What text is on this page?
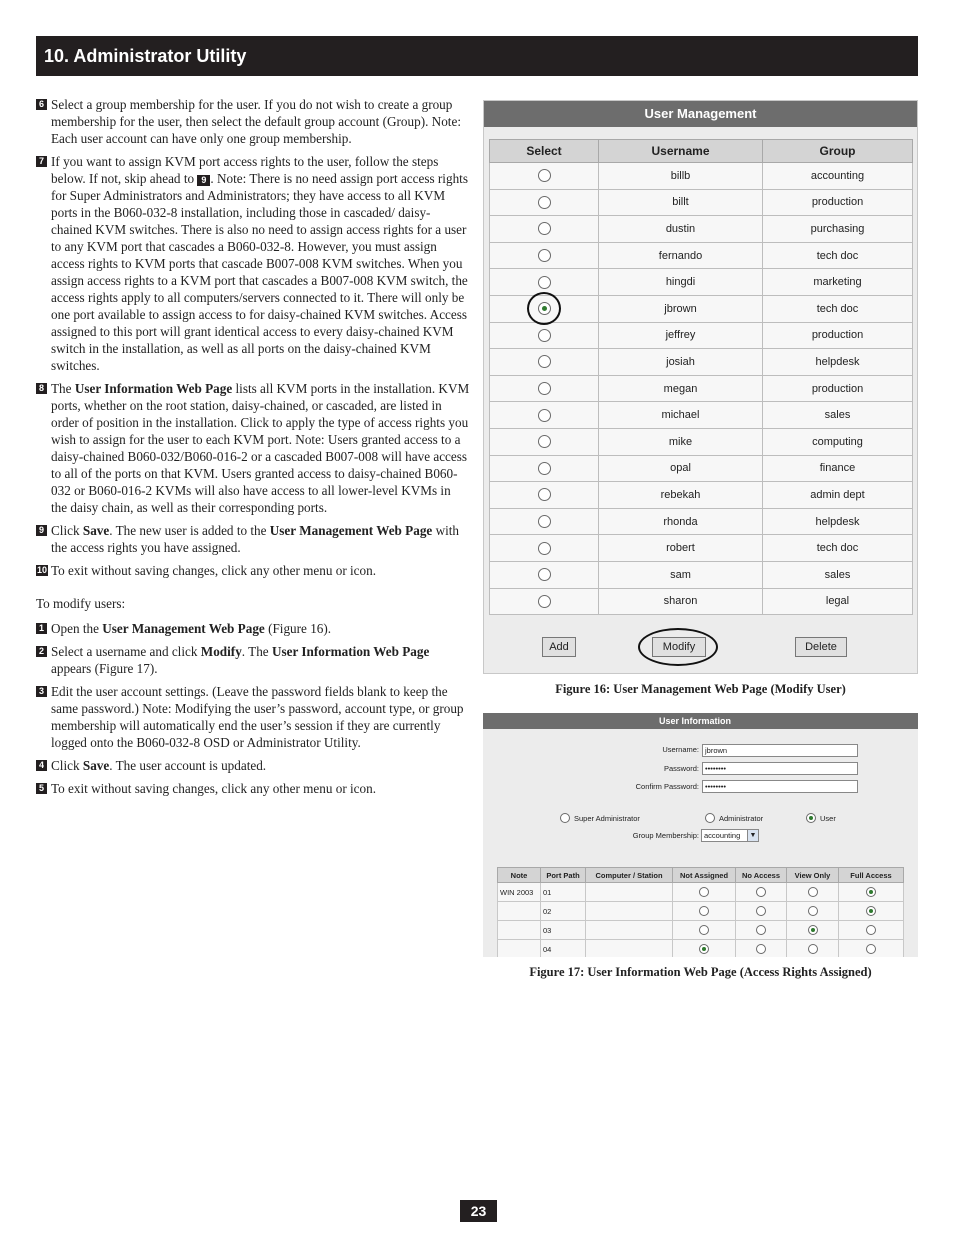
10. Administrator Utility
6 Select a group membership for the user. If you do not wish to create a group membership for the user, then select the default group account (Group). Note: Each user account can have only one group membership.
7 If you want to assign KVM port access rights to the user, follow the steps below. If not, skip ahead to 9 . Note: There is no need assign port access rights for Super Administrators and Administrators; they have access to all KVM ports in the B060-032-8 installation, including those in cascaded/ daisy-chained KVM switches. There is also no need to assign access rights for a user to any KVM port that cascades a B060-032-8. However, you must assign access rights to KVM ports that cascade B007-008 KVM switches. When you assign access rights to a KVM port that cascades a B007-008 KVM switch, the access rights apply to all computers/servers connected to it. There will only be one port available to assign access to for daisy-chained KVM switches. Access assigned to this port will grant identical access to every daisy-chained KVM switch in the installation, as well as all ports on the daisy-chained KVM switches.
8 The User Information Web Page lists all KVM ports in the installation. KVM ports, whether on the root station, daisy-chained, or cascaded, are listed in order of position in the installation. Click to apply the type of access rights you wish to assign for the user to each KVM port. Note: Users granted access to a daisy-chained B060-032/B060-016-2 or a cascaded B007-008 will have access to all of the ports on that KVM. Users granted access to daisy-chained B060-032 or B060-016-2 KVMs will also have access to all lower-level KVMs in the daisy chain, as well as their corresponding ports.
9 Click Save. The new user is added to the User Management Web Page with the access rights you have assigned.
10 To exit without saving changes, click any other menu or icon.
To modify users:
1 Open the User Management Web Page (Figure 16).
2 Select a username and click Modify. The User Information Web Page appears (Figure 17).
3 Edit the user account settings. (Leave the password fields blank to keep the same password.) Note: Modifying the user’s password, account type, or group membership will automatically end the user’s session if they are currently logged onto the B060-032-8 OSD or Administrator Utility.
4 Click Save. The user account is updated.
5 To exit without saving changes, click any other menu or icon.
User Management
Select	Username	Group
	billb	accounting
	billt	production
	dustin	purchasing
	fernando	tech doc
	hingdi	marketing

	jbrown	tech doc
	jeffrey	production
	josiah	helpdesk
	megan	production
	michael	sales
	mike	computing
	opal	finance
	rebekah	admin dept
	rhonda	helpdesk
	robert	tech doc
	sam	sales
	sharon	legal
Add	Modify	Delete
Figure 16: User Management Web Page (Modify User)
User Information
Username: jbrown
Password: ••••••••
Confirm Password: ••••••••
Super Administrator	Administrator	User
Group Membership: accounting	▼
Note	Port Path	Computer / Station	Not Assigned	No Access	View Only	Full Access
WIN 2003	01					
	02					
	03					
	04					
Figure 17: User Information Web Page (Access Rights Assigned)
23
